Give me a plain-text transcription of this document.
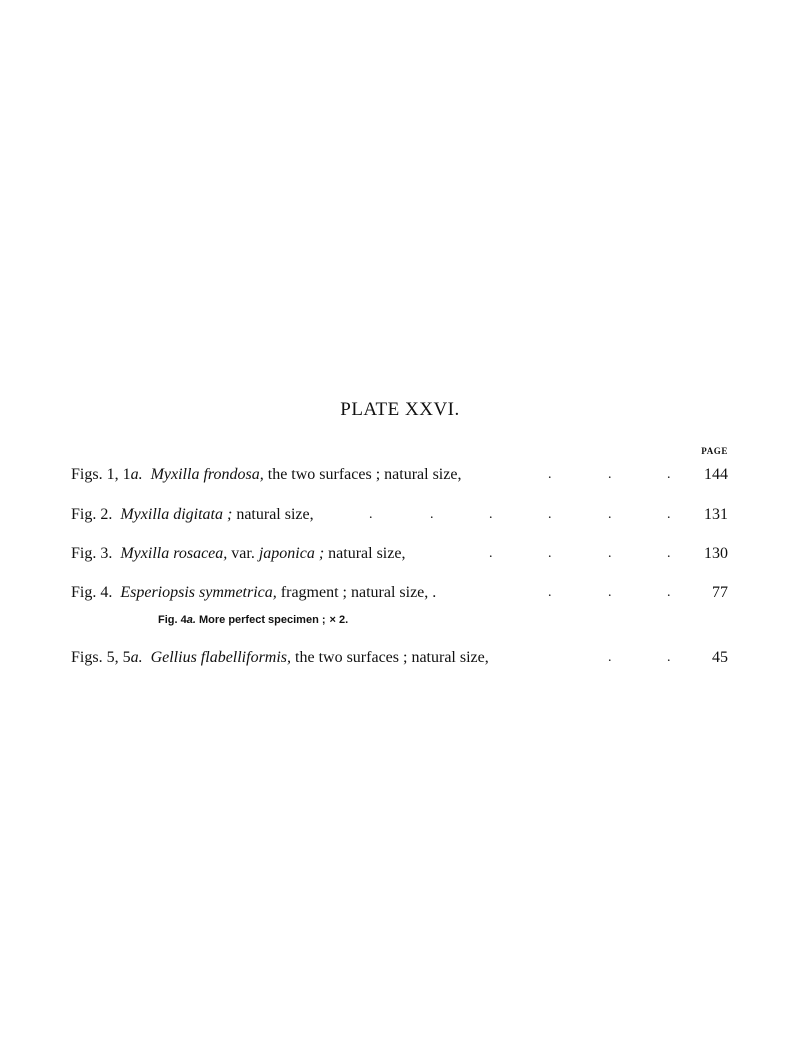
PLATE XXVI.
PAGE
Figs. 1, 1a. Myxilla frondosa, the two surfaces ; natural size,	.	.	. 144
Fig. 2. Myxilla digitata ; natural size,	.	.	.	.	.	. 131
Fig. 3. Myxilla rosacea, var. japonica ; natural size,	.	.	.	. 130
Fig. 4. Esperiopsis symmetrica, fragment ; natural size, .	.	.	.	77
Fig. 4a. More perfect specimen ; × 2.
Figs. 5, 5a. Gellius flabelliformis, the two surfaces ; natural size,	.	.	45
